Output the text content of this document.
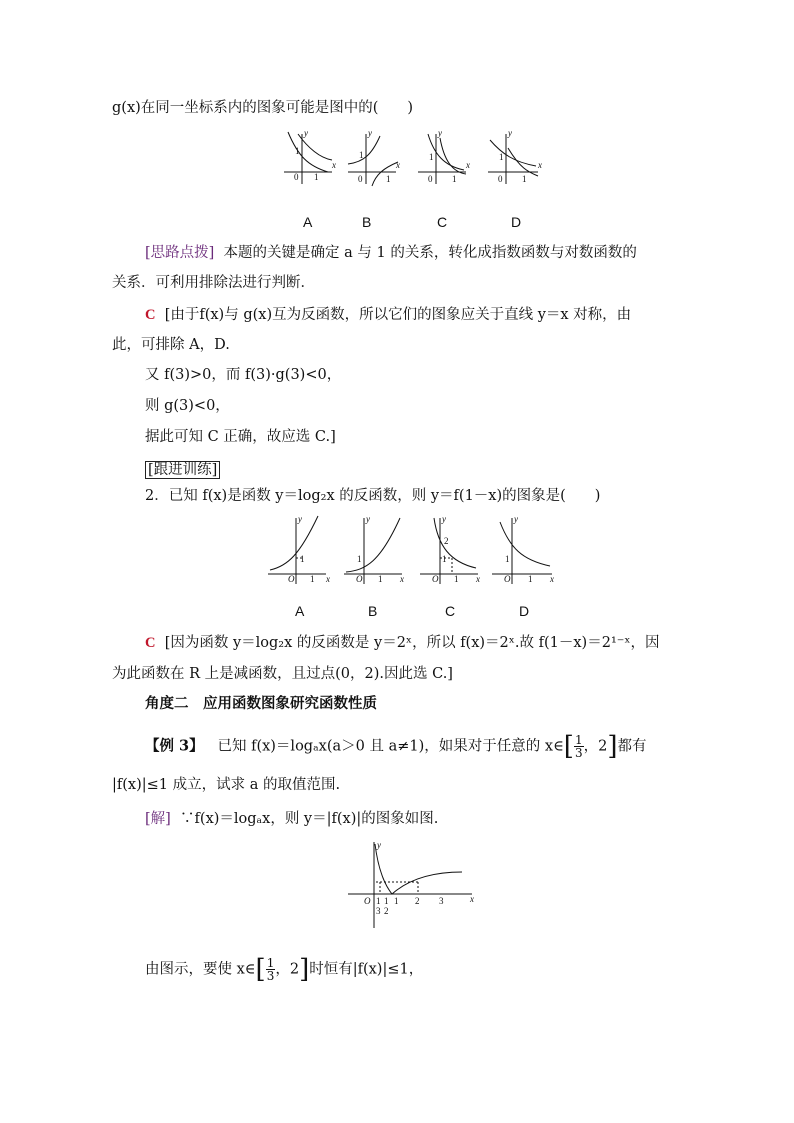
g(x)在同一坐标系内的图象可能是图中的(　　)
x
y
x
y
x
y
x
y
1
0 1
1
0	1
1
0 1
1
0 1
A	B	C	D
[思路点拨] 本题的关键是确定 a 与 1 的关系，转化成指数函数与对数函数的
关系．可利用排除法进行判断．
C [由于f(x)与 g(x)互为反函数，所以它们的图象应关于直线 y＝x 对称，由
此，可排除 A，D.
又 f(3)>0，而 f(3)·g(3)<0，
则 g(3)<0，
据此可知 C 正确，故应选 C.]
[跟进训练]
2．已知 f(x)是函数 y＝log₂x 的反函数，则 y＝f(1－x)的图象是(　　)
x
y
x
y
x
y
x
y
1
O 1
1
O 1
2
1
O 1
1
O 1
A	B	C	D
C [因为函数 y＝log₂x 的反函数是 y＝2ˣ，所以 f(x)＝2ˣ.故 f(1－x)＝2¹⁻ˣ，因
为此函数在 R 上是减函数，且过点(0，2).因此选 C.]
角度二　应用函数图象研究函数性质
【例 3】 已知 f(x)＝logₐx(a＞0 且 a≠1)，如果对于任意的 x∈[ $\frac{1}{3}$ ，2]都有
|f(x)|≤1 成立，试求 a 的取值范围.
[解] ∵f(x)＝logₐx，则 y＝|f(x)|的图象如图.
x
y
O 1
3
1
2
1 2 3
由图示，要使 x∈[ $\frac{1}{3}$ ，2]时恒有|f(x)|≤1，
